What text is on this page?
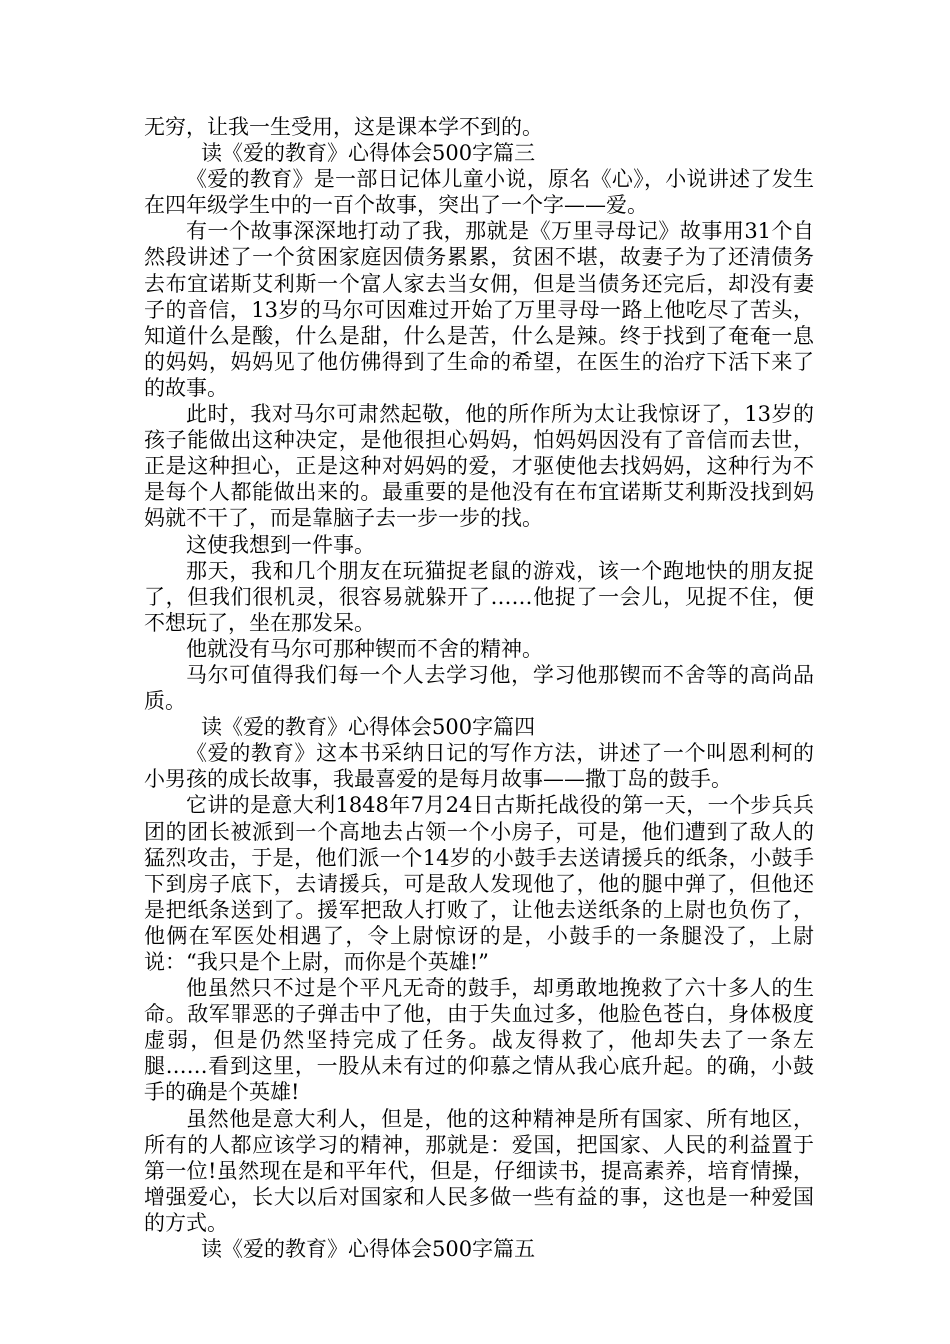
无穷，让我一生受用，这是课本学不到的。

读《爱的教育》心得体会500字篇三

《爱的教育》是一部日记体儿童小说，原名《心》，小说讲述了发生在四年级学生中的一百个故事，突出了一个字——爱。

有一个故事深深地打动了我，那就是《万里寻母记》故事用31个自然段讲述了一个贫困家庭因债务累累，贫困不堪，故妻子为了还清债务去布宜诺斯艾利斯一个富人家去当女佣，但是当债务还完后，却没有妻子的音信，13岁的马尔可因难过开始了万里寻母一路上他吃尽了苦头，知道什么是酸，什么是甜，什么是苦，什么是辣。终于找到了奄奄一息的妈妈，妈妈见了他仿佛得到了生命的希望，在医生的治疗下活下来了的故事。

此时，我对马尔可肃然起敬，他的所作所为太让我惊讶了，13岁的孩子能做出这种决定，是他很担心妈妈，怕妈妈因没有了音信而去世，正是这种担心，正是这种对妈妈的爱，才驱使他去找妈妈，这种行为不是每个人都能做出来的。最重要的是他没有在布宜诺斯艾利斯没找到妈妈就不干了，而是靠脑子去一步一步的找。

这使我想到一件事。

那天，我和几个朋友在玩猫捉老鼠的游戏，该一个跑地快的朋友捉了，但我们很机灵，很容易就躲开了……他捉了一会儿，见捉不住，便不想玩了，坐在那发呆。

他就没有马尔可那种锲而不舍的精神。

马尔可值得我们每一个人去学习他，学习他那锲而不舍等的高尚品质。

读《爱的教育》心得体会500字篇四

《爱的教育》这本书采纳日记的写作方法，讲述了一个叫恩利柯的小男孩的成长故事，我最喜爱的是每月故事——撒丁岛的鼓手。

它讲的是意大利1848年7月24日古斯托战役的第一天，一个步兵兵团的团长被派到一个高地去占领一个小房子，可是，他们遭到了敌人的猛烈攻击，于是，他们派一个14岁的小鼓手去送请援兵的纸条，小鼓手下到房子底下，去请援兵，可是敌人发现他了，他的腿中弹了，但他还是把纸条送到了。援军把敌人打败了，让他去送纸条的上尉也负伤了，他俩在军医处相遇了，令上尉惊讶的是，小鼓手的一条腿没了，上尉说：“我只是个上尉，而你是个英雄!”

他虽然只不过是个平凡无奇的鼓手，却勇敢地挽救了六十多人的生命。敌军罪恶的子弹击中了他，由于失血过多，他脸色苍白，身体极度虚弱，但是仍然坚持完成了任务。战友得救了，他却失去了一条左腿……看到这里，一股从未有过的仰慕之情从我心底升起。的确，小鼓手的确是个英雄!

虽然他是意大利人，但是，他的这种精神是所有国家、所有地区，所有的人都应该学习的精神，那就是：爱国，把国家、人民的利益置于第一位!虽然现在是和平年代，但是，仔细读书，提高素养，培育情操，增强爱心，长大以后对国家和人民多做一些有益的事，这也是一种爱国的方式。

读《爱的教育》心得体会500字篇五
